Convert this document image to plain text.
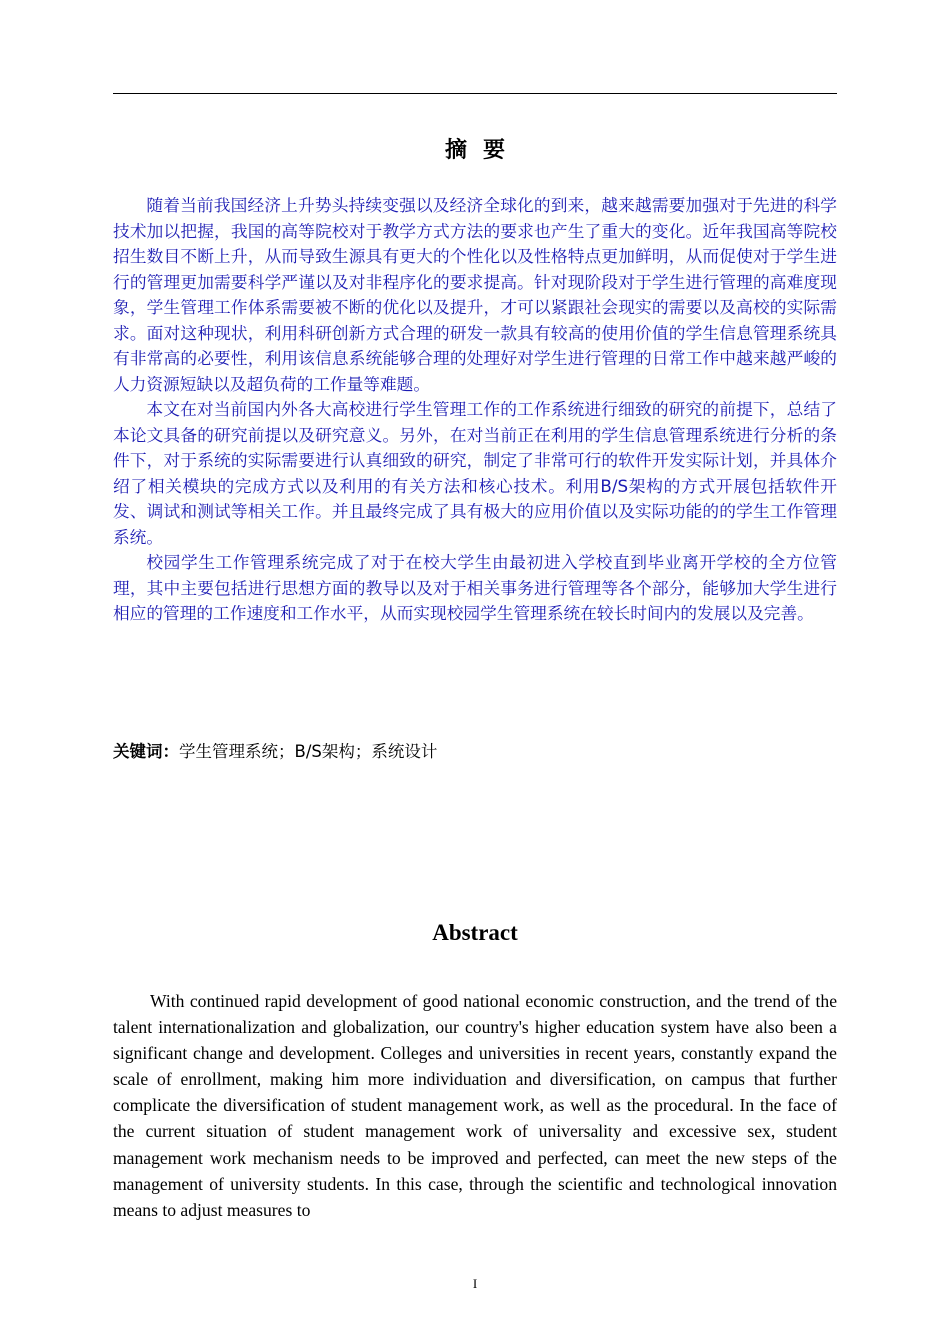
摘要

随着当前我国经济上升势头持续变强以及经济全球化的到来，越来越需要加强对于先进的科学技术加以把握，我国的高等院校对于教学方式方法的要求也产生了重大的变化。近年我国高等院校招生数目不断上升，从而导致生源具有更大的个性化以及性格特点更加鲜明，从而促使对于学生进行的管理更加需要科学严谨以及对非程序化的要求提高。针对现阶段对于学生进行管理的高难度现象，学生管理工作体系需要被不断的优化以及提升，才可以紧跟社会现实的需要以及高校的实际需求。面对这种现状，利用科研创新方式合理的研发一款具有较高的使用价值的学生信息管理系统具有非常高的必要性，利用该信息系统能够合理的处理好对学生进行管理的日常工作中越来越严峻的人力资源短缺以及超负荷的工作量等难题。

本文在对当前国内外各大高校进行学生管理工作的工作系统进行细致的研究的前提下，总结了本论文具备的研究前提以及研究意义。另外，在对当前正在利用的学生信息管理系统进行分析的条件下，对于系统的实际需要进行认真细致的研究，制定了非常可行的软件开发实际计划，并具体介绍了相关模块的完成方式以及利用的有关方法和核心技术。利用B/S架构的方式开展包括软件开发、调试和测试等相关工作。并且最终完成了具有极大的应用价值以及实际功能的的学生工作管理系统。

校园学生工作管理系统完成了对于在校大学生由最初进入学校直到毕业离开学校的全方位管理，其中主要包括进行思想方面的教导以及对于相关事务进行管理等各个部分，能够加大学生进行相应的管理的工作速度和工作水平，从而实现校园学生管理系统在较长时间内的发展以及完善。

关键词：学生管理系统；B/S架构；系统设计
Abstract

With continued rapid development of good national economic construction, and the trend of the talent internationalization and globalization, our country's higher education system have also been a significant change and development. Colleges and universities in recent years, constantly expand the scale of enrollment, making him more individuation and diversification, on campus that further complicate the diversification of student management work, as well as the procedural. In the face of the current situation of student management work of universality and excessive sex, student management work mechanism needs to be improved and perfected, can meet the new steps of the management of university students. In this case, through the scientific and technological innovation means to adjust measures to

I
